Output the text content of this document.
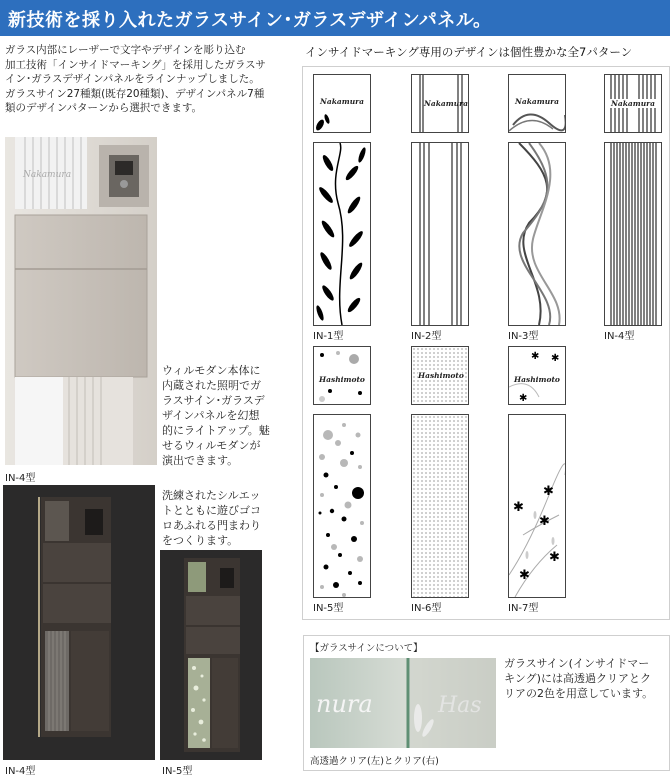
新技術を採り入れたガラスサイン･ガラスデザインパネル。
ガラス内部にレーザーで文字やデザインを彫り込む
加工技術「インサイドマーキング」を採用したガラスサ
イン･ガラスデザインパネルをラインナップしました。
ガラスサイン27種類(既存20種類)、デザインパネル7種
類のデザインパターンから選択できます。
Nakamura
IN-4型
ウィルモダン本体に
内蔵された照明でガ
ラスサイン･ガラスデ
ザインパネルを幻想
的にライトアップ。魅
せるウィルモダンが
演出できます。
洗練されたシルエッ
トとともに遊びゴコ
ロあふれる門まわり
をつくります。
IN-4型	IN-5型
インサイドマーキング専用のデザインは個性豊かな全7パターン
Nakamura	Nakamura	Nakamura	Nakamura
IN-1型	IN-2型	IN-3型	IN-4型
Hashimoto	Hashimoto
✱ ✱
✱
Hashimoto
✱
✱
✱
✱
✱
IN-5型	IN-6型	IN-7型
【ガラスサインについて】
nura	Has
ガラスサイン(インサイドマー
キング)には高透過クリアとク
リアの2色を用意しています。
高透過クリア(左)とクリア(右)
